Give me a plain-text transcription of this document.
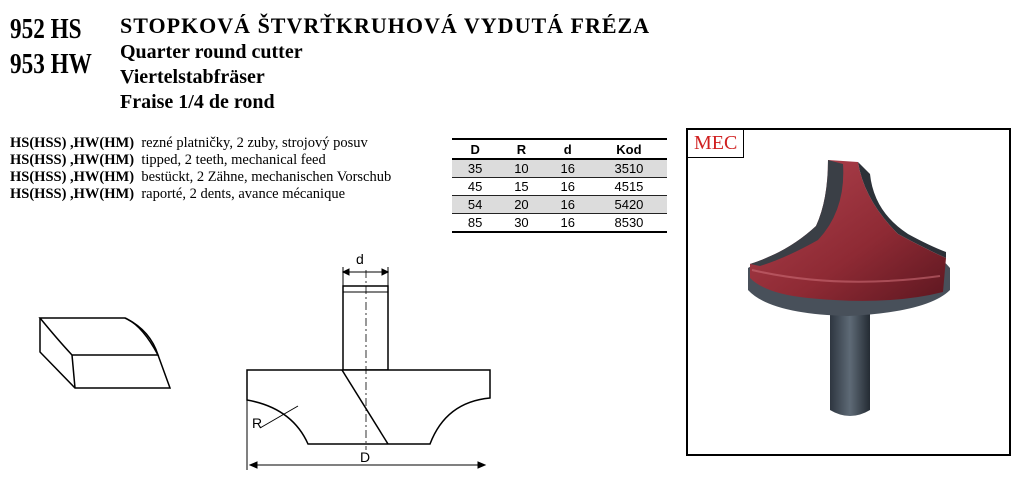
952 HS
953 HW
STOPKOVÁ ŠTVRŤKRUHOVÁ VYDUTÁ FRÉZA
Quarter round cutter
Viertelstabfräser
Fraise 1/4 de rond

HS(HSS) ,HW(HM) rezné platničky, 2 zuby, strojový posuv

HS(HSS) ,HW(HM) tipped, 2 teeth, mechanical feed

HS(HSS) ,HW(HM) bestückt, 2 Zähne, mechanischen Vorschub

HS(HSS) ,HW(HM) raporté, 2 dents, avance mécanique

D	R	d	Kod
35	10	16	3510
45	15	16	4515
54	20	16	5420
85	30	16	8530
d
R
D
MEC
